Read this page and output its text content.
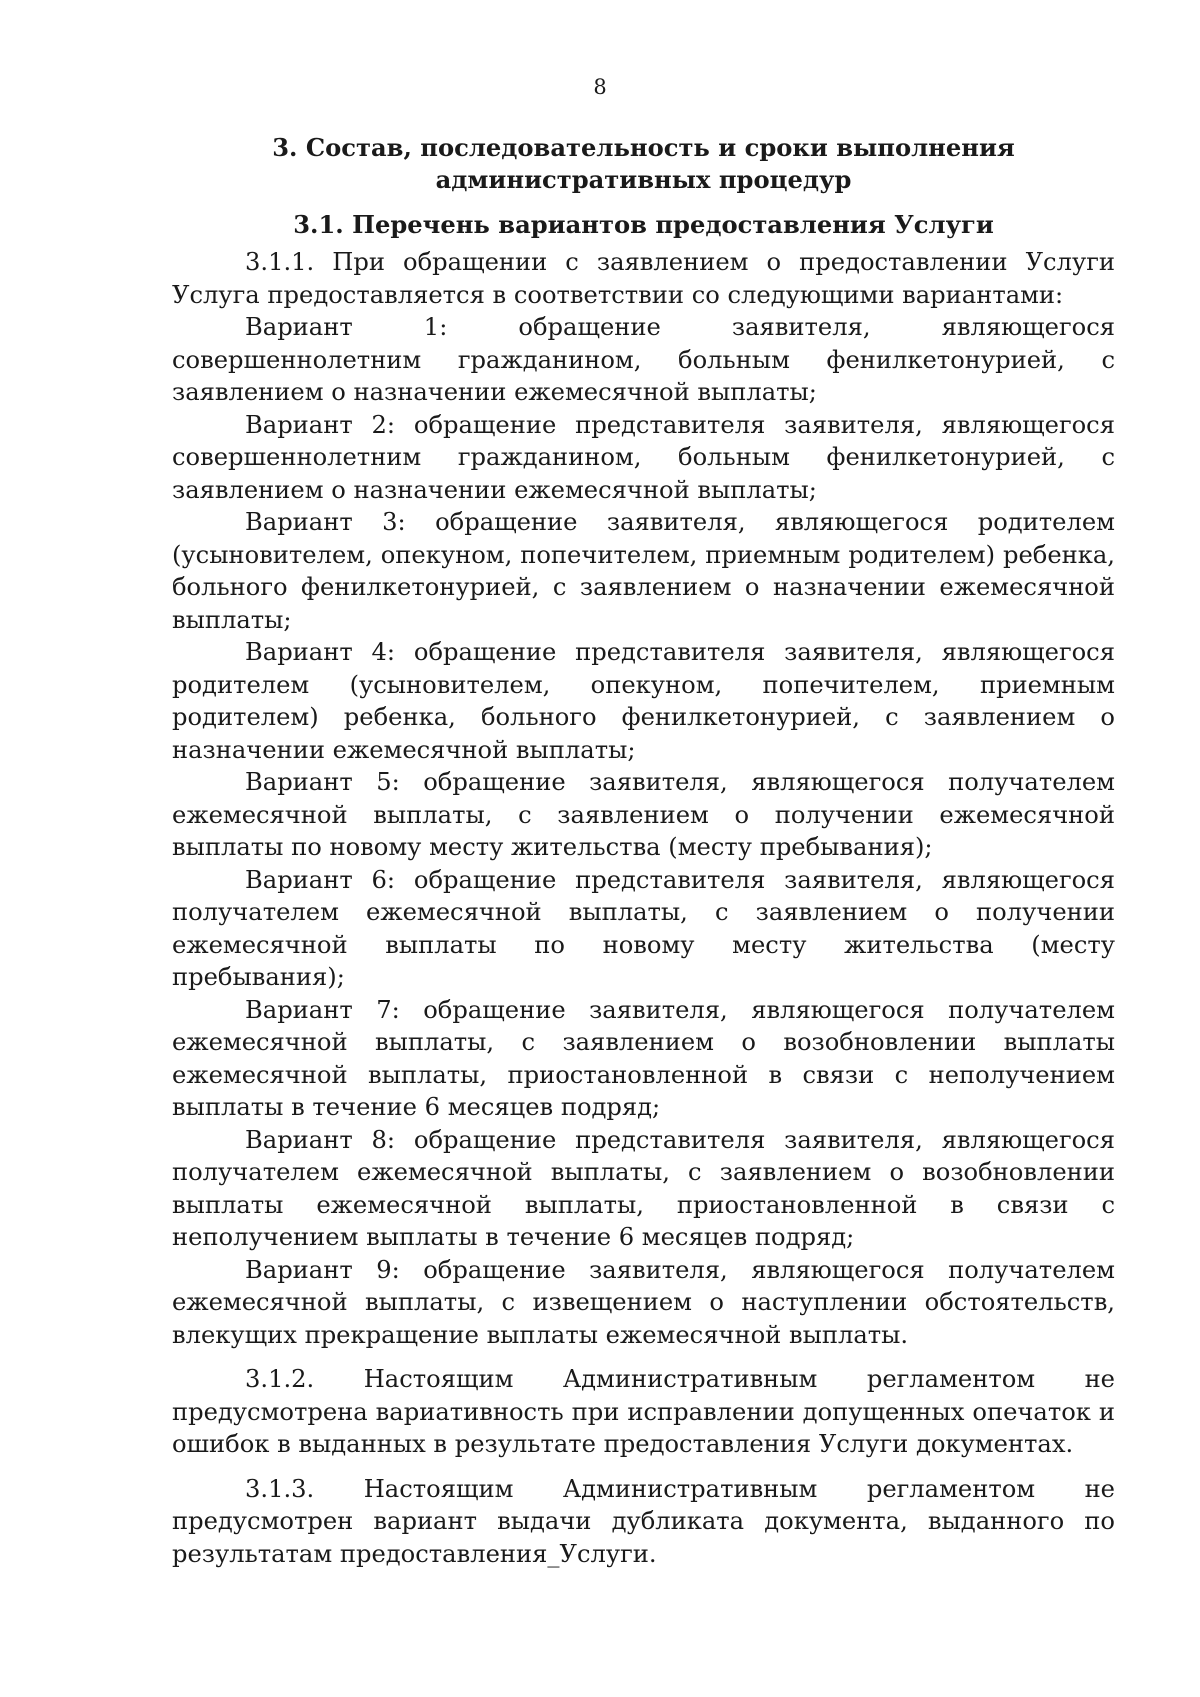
8
3. Состав, последовательность и сроки выполнения административных процедур
3.1. Перечень вариантов предоставления Услуги

3.1.1. При обращении с заявлением о предоставлении Услуги Услуга предоставляется в соответствии со следующими вариантами:

Вариант 1: обращение заявителя, являющегося совершеннолетним гражданином, больным фенилкетонурией, с заявлением о назначении ежемесячной выплаты;

Вариант 2: обращение представителя заявителя, являющегося совершеннолетним гражданином, больным фенилкетонурией, с заявлением о назначении ежемесячной выплаты;

Вариант 3: обращение заявителя, являющегося родителем (усыновителем, опекуном, попечителем, приемным родителем) ребенка, больного фенилкетонурией, с заявлением о назначении ежемесячной выплаты;

Вариант 4: обращение представителя заявителя, являющегося родителем (усыновителем, опекуном, попечителем, приемным родителем) ребенка, больного фенилкетонурией, с заявлением о назначении ежемесячной выплаты;

Вариант 5: обращение заявителя, являющегося получателем ежемесячной выплаты, с заявлением о получении ежемесячной выплаты по новому месту жительства (месту пребывания);

Вариант 6: обращение представителя заявителя, являющегося получателем ежемесячной выплаты, с заявлением о получении ежемесячной выплаты по новому месту жительства (месту пребывания);

Вариант 7: обращение заявителя, являющегося получателем ежемесячной выплаты, с заявлением о возобновлении выплаты ежемесячной выплаты, приостановленной в связи с неполучением выплаты в течение 6 месяцев подряд;

Вариант 8: обращение представителя заявителя, являющегося получателем ежемесячной выплаты, с заявлением о возобновлении выплаты ежемесячной выплаты, приостановленной в связи с неполучением выплаты в течение 6 месяцев подряд;

Вариант 9: обращение заявителя, являющегося получателем ежемесячной выплаты, с извещением о наступлении обстоятельств, влекущих прекращение выплаты ежемесячной выплаты.

3.1.2. Настоящим Административным регламентом не предусмотрена вариативность при исправлении допущенных опечаток и ошибок в выданных в результате предоставления Услуги документах.

3.1.3. Настоящим Административным регламентом не предусмотрен вариант выдачи дубликата документа, выданного по результатам предоставления_Услуги.
